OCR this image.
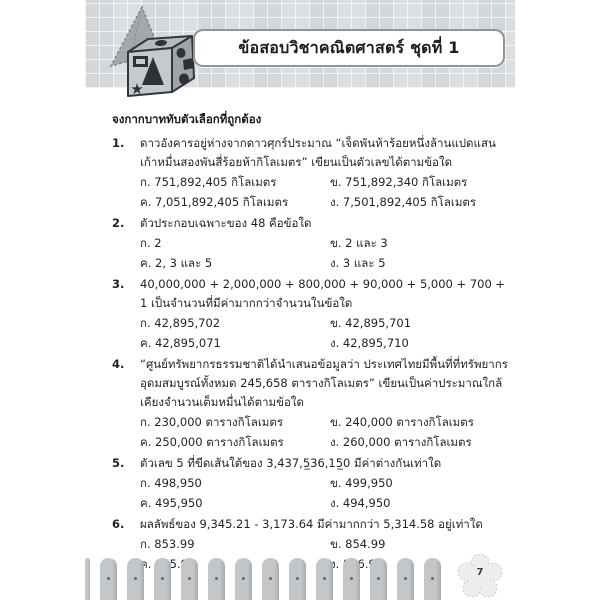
★
ข้อสอบวิชาคณิตศาสตร์ ชุดที่ 1
จงกากบาททับตัวเลือกที่ถูกต้อง
1.	ดาวอังคารอยู่ห่างจากดาวศุกร์ประมาณ “เจ็ดพันห้าร้อยหนึ่งล้านแปดแสนเก้าหมื่นสองพันสี่ร้อยห้ากิโลเมตร” เขียนเป็นตัวเลขได้ตามข้อใด
ก. 751,892,405 กิโลเมตร	ข. 751,892,340 กิโลเมตร
ค. 7,051,892,405 กิโลเมตร	ง. 7,501,892,405 กิโลเมตร
2.	ตัวประกอบเฉพาะของ 48 คือข้อใด
ก. 2	ข. 2 และ 3
ค. 2, 3 และ 5	ง. 3 และ 5
3.	40,000,000 + 2,000,000 + 800,000 + 90,000 + 5,000 + 700 + 1 เป็นจำนวนที่มีค่ามากกว่าจำนวนในข้อใด
ก. 42,895,702	ข. 42,895,701
ค. 42,895,071	ง. 42,895,710
4.	“ศูนย์ทรัพยากรธรรมชาติได้นำเสนอข้อมูลว่า ประเทศไทยมีพื้นที่ที่ทรัพยากรอุดมสมบูรณ์ทั้งหมด 245,658 ตารางกิโลเมตร” เขียนเป็นค่าประมาณใกล้เคียงจำนวนเต็มหมื่นได้ตามข้อใด
ก. 230,000 ตารางกิโลเมตร	ข. 240,000 ตารางกิโลเมตร
ค. 250,000 ตารางกิโลเมตร	ง. 260,000 ตารางกิโลเมตร
5.	ตัวเลข 5 ที่ขีดเส้นใต้ของ 3,437,5̲36,15̲0 มีค่าต่างกันเท่าใด
ก. 498,950	ข. 499,950
ค. 495,950	ง. 494,950
6.	ผลลัพธ์ของ 9,345.21 - 3,173.64 มีค่ามากกว่า 5,314.58 อยู่เท่าใด
ก. 853.99	ข. 854.99
ค. 855.99	ง. 856.99
7
